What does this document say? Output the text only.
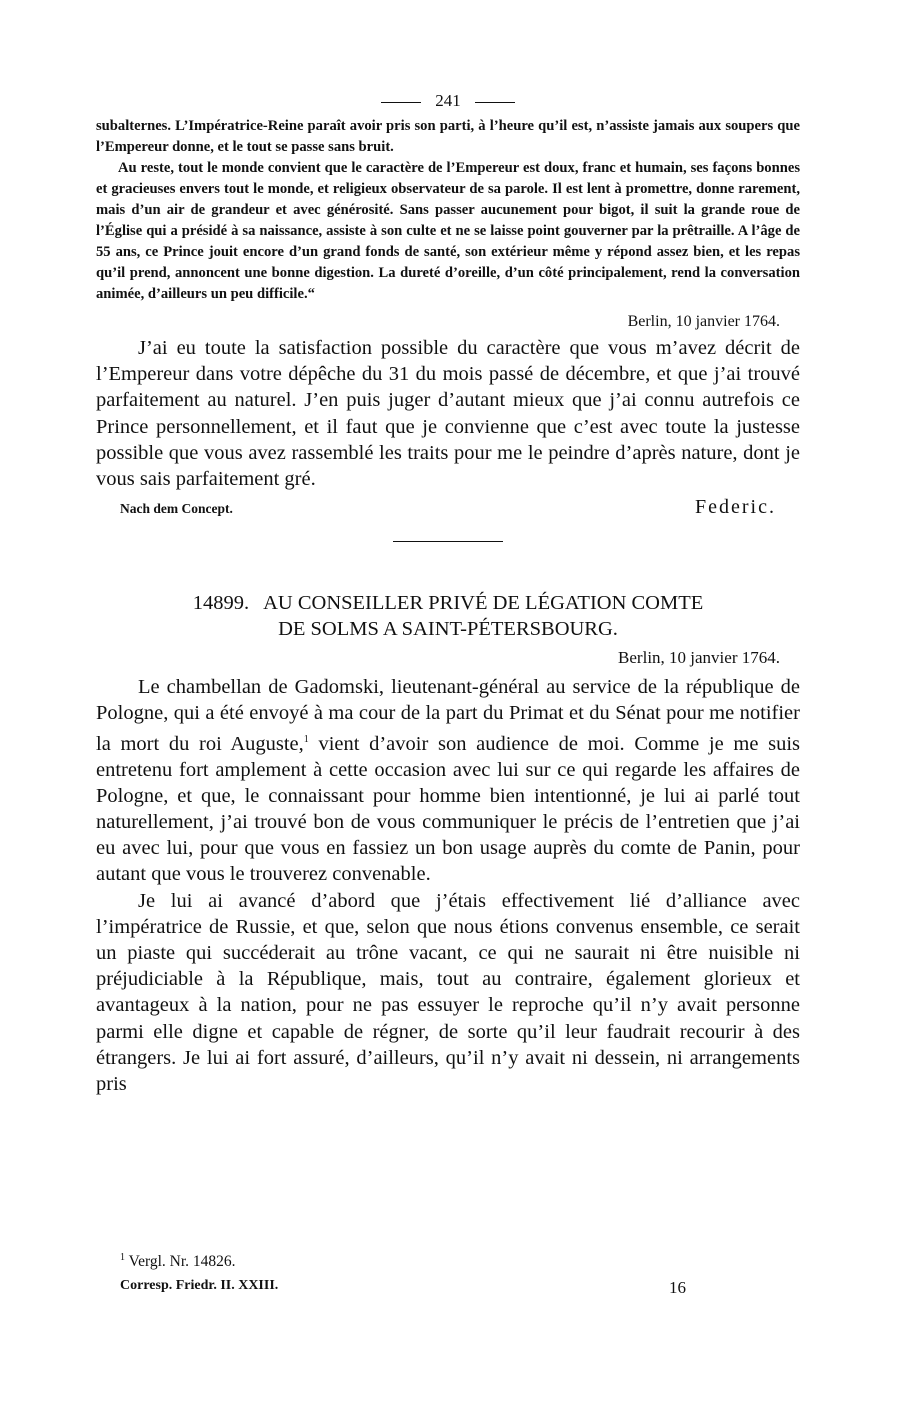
241

subalternes. L’Impératrice-Reine paraît avoir pris son parti, à l’heure qu’il est, n’assiste jamais aux soupers que l’Empereur donne, et le tout se passe sans bruit.

Au reste, tout le monde convient que le caractère de l’Empereur est doux, franc et humain, ses façons bonnes et gracieuses envers tout le monde, et religieux observateur de sa parole. Il est lent à promettre, donne rarement, mais d’un air de grandeur et avec générosité. Sans passer aucunement pour bigot, il suit la grande roue de l’Église qui a présidé à sa naissance, assiste à son culte et ne se laisse point gouverner par la prêtraille. A l’âge de 55 ans, ce Prince jouit encore d’un grand fonds de santé, son extérieur même y répond assez bien, et les repas qu’il prend, annoncent une bonne digestion. La dureté d’oreille, d’un côté principalement, rend la conversation animée, d’ailleurs un peu difficile.“

Berlin, 10 janvier 1764.

J’ai eu toute la satisfaction possible du caractère que vous m’avez décrit de l’Empereur dans votre dépêche du 31 du mois passé de décembre, et que j’ai trouvé parfaitement au naturel. J’en puis juger d’autant mieux que j’ai connu autrefois ce Prince personnellement, et il faut que je convienne que c’est avec toute la justesse possible que vous avez rassemblé les traits pour me le peindre d’après nature, dont je vous sais parfaitement gré.

Nach dem Concept.	Federic.
14899. AU CONSEILLER PRIVÉ DE LÉGATION COMTE
DE SOLMS A SAINT-PÉTERSBOURG.
Berlin, 10 janvier 1764.

Le chambellan de Gadomski, lieutenant-général au service de la république de Pologne, qui a été envoyé à ma cour de la part du Primat et du Sénat pour me notifier la mort du roi Auguste,$^1$ vient d’avoir son audience de moi. Comme je me suis entretenu fort amplement à cette occasion avec lui sur ce qui regarde les affaires de Pologne, et que, le connaissant pour homme bien intentionné, je lui ai parlé tout naturellement, j’ai trouvé bon de vous communiquer le précis de l’entretien que j’ai eu avec lui, pour que vous en fassiez un bon usage auprès du comte de Panin, pour autant que vous le trouverez convenable.

Je lui ai avancé d’abord que j’étais effectivement lié d’alliance avec l’impératrice de Russie, et que, selon que nous étions convenus ensemble, ce serait un piaste qui succéderait au trône vacant, ce qui ne saurait ni être nuisible ni préjudiciable à la République, mais, tout au contraire, également glorieux et avantageux à la nation, pour ne pas essuyer le reproche qu’il n’y avait personne parmi elle digne et capable de régner, de sorte qu’il leur faudrait recourir à des étrangers. Je lui ai fort assuré, d’ailleurs, qu’il n’y avait ni dessein, ni arrangements pris

$^1$ Vergl. Nr. 14826.
Corresp. Friedr. II. XXIII.	16
